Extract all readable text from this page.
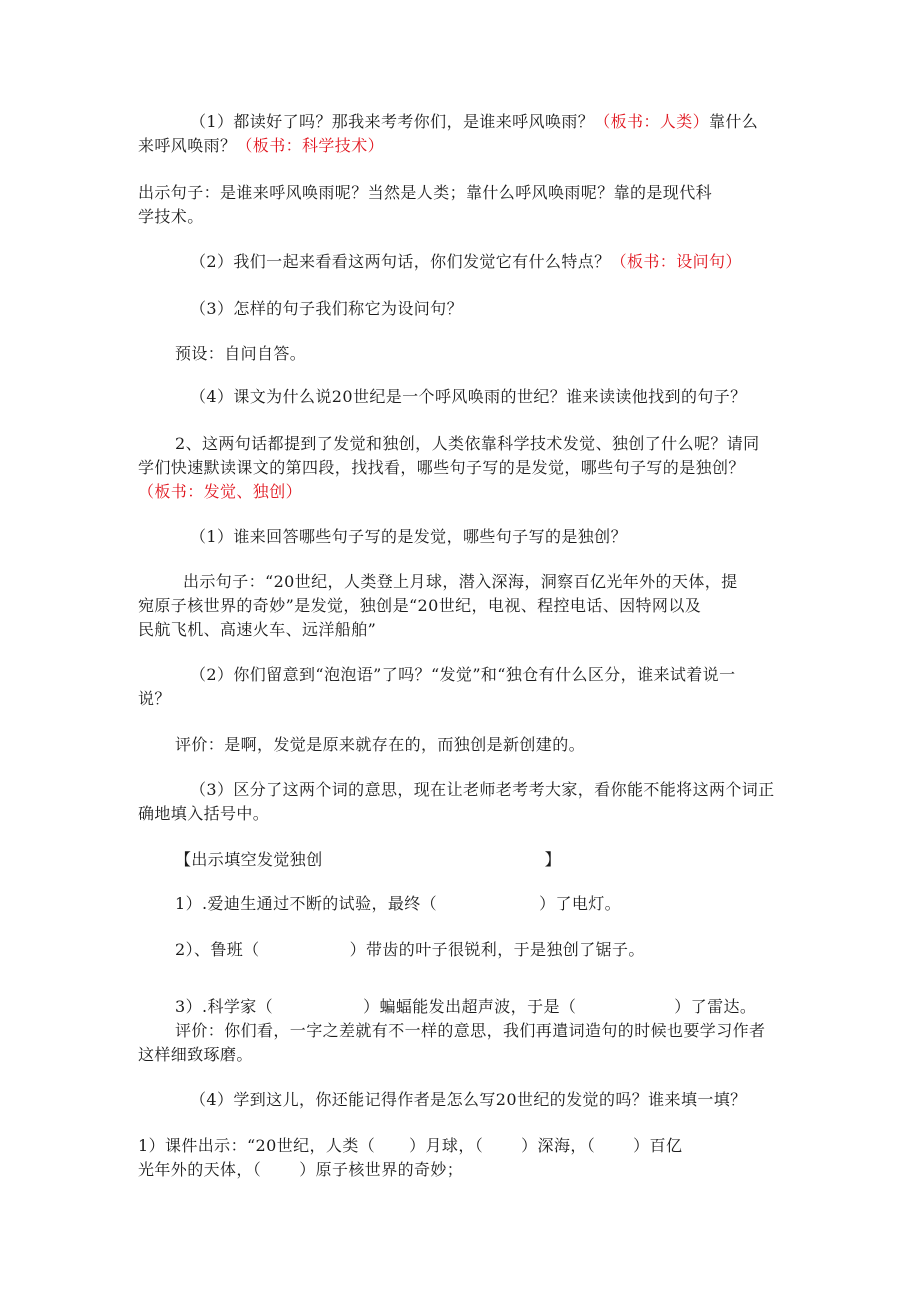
（1）都读好了吗？那我来考考你们，是谁来呼风唤雨？（板书：人类）靠什么

来呼风唤雨？（板书：科学技术）

出示句子：是谁来呼风唤雨呢？当然是人类；靠什么呼风唤雨呢？靠的是现代科

学技术。

（2）我们一起来看看这两句话，你们发觉它有什么特点？（板书：设问句）

（3）怎样的句子我们称它为设问句？

预设：自问自答。

（4）课文为什么说20世纪是一个呼风唤雨的世纪？谁来读读他找到的句子？

2、这两句话都提到了发觉和独创，人类依靠科学技术发觉、独创了什么呢？请同

学们快速默读课文的第四段，找找看，哪些句子写的是发觉，哪些句子写的是独创？

（板书：发觉、独创）

（1）谁来回答哪些句子写的是发觉，哪些句子写的是独创？

出示句子：“20世纪，人类登上月球，潜入深海，洞察百亿光年外的天体，提

宛原子核世界的奇妙”是发觉，独创是“20世纪，电视、程控电话、因特网以及

民航飞机、高速火车、远洋船舶”

（2）你们留意到“泡泡语”了吗？“发觉”和“独仓有什么区分，谁来试着说一

说？

评价：是啊，发觉是原来就存在的，而独创是新创建的。

（3）区分了这两个词的意思，现在让老师老考考大家，看你能不能将这两个词正

确地填入括号中。

【出示填空发觉独创	】

1）.爱迪生通过不断的试验，最终（	）了电灯。

2）、鲁班（	）带齿的叶子很锐利，于是独创了锯子。

3）.科学家（	）蝙蝠能发出超声波，于是（	）了雷达。

评价：你们看，一字之差就有不一样的意思，我们再遣词造句的时候也要学习作者

这样细致琢磨。

（4）学到这儿，你还能记得作者是怎么写20世纪的发觉的吗？谁来填一填？

1）课件出示：“20世纪，人类（ ）月球，（ ）深海，（ ）百亿

光年外的天体，（ ）原子核世界的奇妙；
